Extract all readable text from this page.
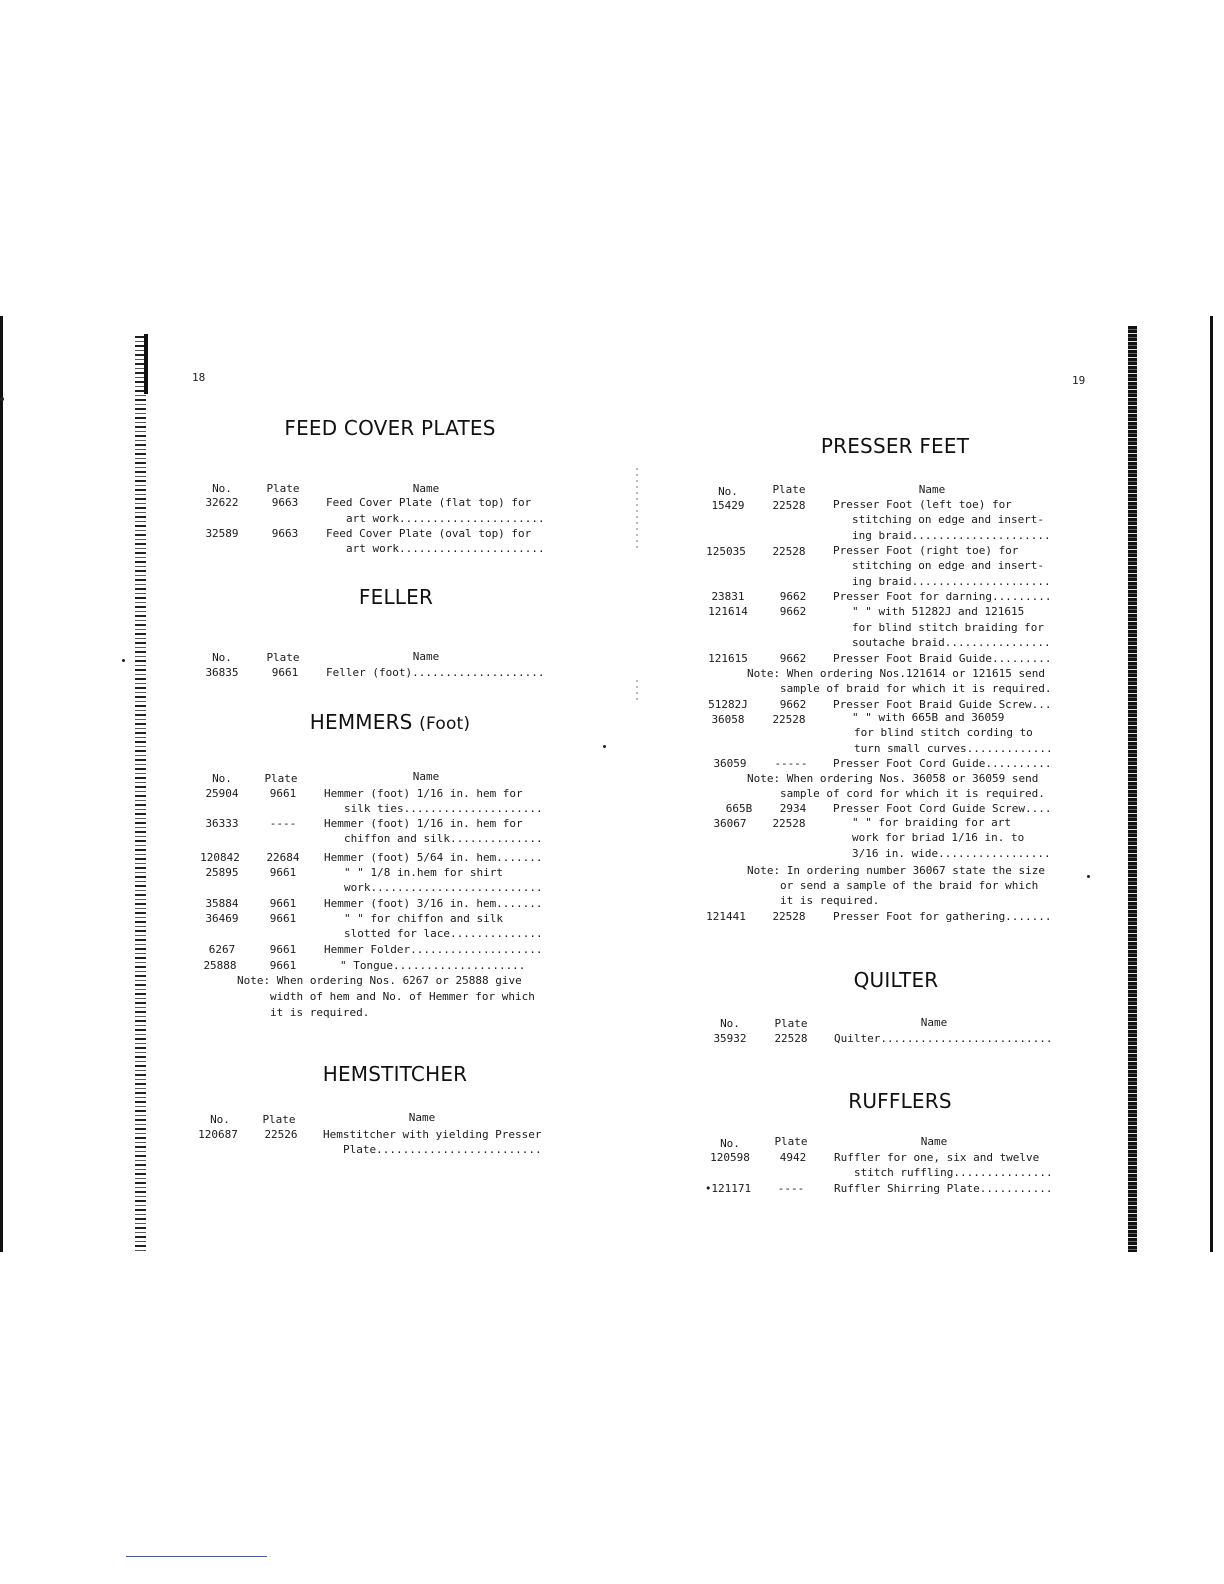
18
FEED COVER PLATES
No.	Plate	Name
32622	9663	Feed Cover Plate (flat top) for
art work......................
32589	9663	Feed Cover Plate (oval top) for
art work......................
FELLER
No.	Plate	Name
36835	9661	Feller (foot)....................
HEMMERS (Foot)
No.	Plate	Name
25904	9661	Hemmer (foot) 1/16 in. hem for
silk ties.....................
36333	----	Hemmer (foot) 1/16 in. hem for
chiffon and silk..............
120842	22684	Hemmer (foot) 5/64 in. hem.......
25895	9661	" " 1/8 in.hem for shirt
work..........................
35884	9661	Hemmer (foot) 3/16 in. hem.......
36469	9661	" " for chiffon and silk
slotted for lace..............
6267	9661	Hemmer Folder....................
25888	9661	" Tongue....................
Note: When ordering Nos. 6267 or 25888 give
width of hem and No. of Hemmer for which
it is required.
HEMSTITCHER
No.	Plate	Name
120687	22526	Hemstitcher with yielding Presser
Plate.........................
19
PRESSER FEET
No.	Plate	Name
15429	22528	Presser Foot (left toe) for
stitching on edge and insert-
ing braid.....................
125035	22528	Presser Foot (right toe) for
stitching on edge and insert-
ing braid.....................
23831	9662	Presser Foot for darning.........
121614	9662	" " with 51282J and 121615
for blind stitch braiding for
soutache braid................
121615	9662	Presser Foot Braid Guide.........
Note: When ordering Nos.121614 or 121615 send
sample of braid for which it is required.
51282J	9662	Presser Foot Braid Guide Screw...
36058	22528	" " with 665B and 36059
for blind stitch cording to
turn small curves.............
36059	-----	Presser Foot Cord Guide..........
Note: When ordering Nos. 36058 or 36059 send
sample of cord for which it is required.
665B	2934	Presser Foot Cord Guide Screw....
36067	22528	" " for braiding for art
work for briad 1/16 in. to
3/16 in. wide.................
Note: In ordering number 36067 state the size
or send a sample of the braid for which
it is required.
121441	22528	Presser Foot for gathering.......
QUILTER
No.	Plate	Name
35932	22528	Quilter..........................
RUFFLERS
No.	Plate	Name
120598	4942	Ruffler for one, six and twelve
stitch ruffling...............
•121171	----	Ruffler Shirring Plate...........
